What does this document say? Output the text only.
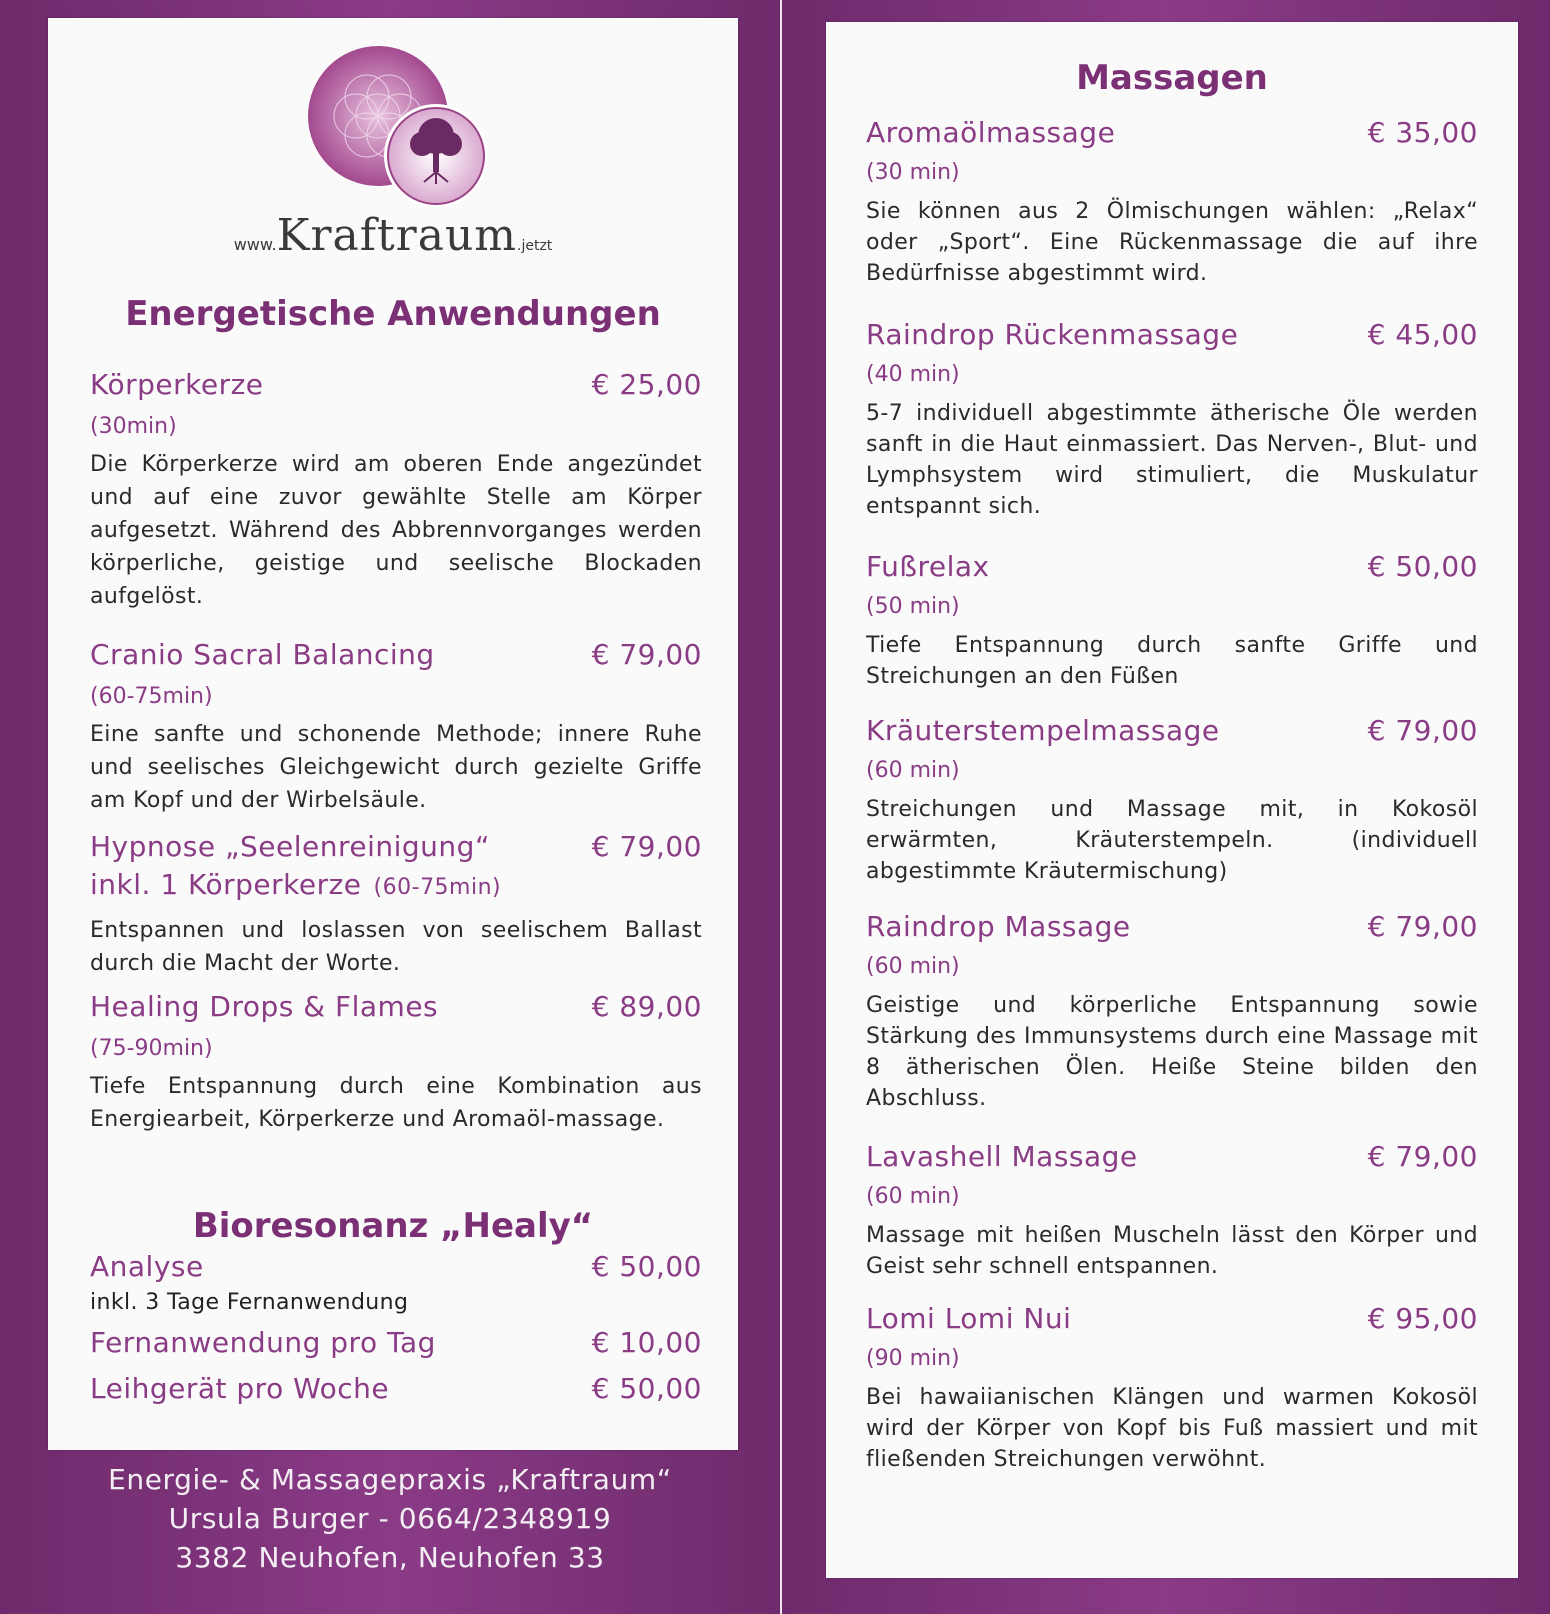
www.Kraftraum.jetzt
Energetische Anwendungen
Körperkerze	€ 25,00
(30min)
Die Körperkerze wird am oberen Ende angezündet und auf eine zuvor gewählte Stelle am Körper aufgesetzt. Während des Abbrennvorganges werden körperliche, geistige und seelische Blockaden aufgelöst.
Cranio Sacral Balancing	€ 79,00
(60-75min)
Eine sanfte und schonende Methode; innere Ruhe und seelisches Gleichgewicht durch gezielte Griffe am Kopf und der Wirbelsäule.
Hypnose „Seelenreinigung“	€ 79,00
inkl. 1 Körperkerze (60-75min)
Entspannen und loslassen von seelischem Ballast durch die Macht der Worte.
Healing Drops & Flames	€ 89,00
(75-90min)
Tiefe Entspannung durch eine Kombination aus Energiearbeit, Körperkerze und Aromaöl-massage.
Bioresonanz „Healy“
Analyse	€ 50,00
inkl. 3 Tage Fernanwendung
Fernanwendung pro Tag	€ 10,00
Leihgerät pro Woche	€ 50,00
Energie- & Massagepraxis „Kraftraum“
Ursula Burger - 0664/2348919
3382 Neuhofen, Neuhofen 33
Massagen
Aromaölmassage	€ 35,00
(30 min)
Sie können aus 2 Ölmischungen wählen: „Relax“ oder „Sport“. Eine Rückenmassage die auf ihre Bedürfnisse abgestimmt wird.
Raindrop Rückenmassage	€ 45,00
(40 min)
5-7 individuell abgestimmte ätherische Öle werden sanft in die Haut einmassiert. Das Nerven-, Blut- und Lymphsystem wird stimuliert, die Muskulatur entspannt sich.
Fußrelax	€ 50,00
(50 min)
Tiefe Entspannung durch sanfte Griffe und Streichungen an den Füßen
Kräuterstempelmassage	€ 79,00
(60 min)
Streichungen und Massage mit, in Kokosöl erwärmten, Kräuterstempeln. (individuell abgestimmte Kräutermischung)
Raindrop Massage	€ 79,00
(60 min)
Geistige und körperliche Entspannung sowie Stärkung des Immunsystems durch eine Massage mit 8 ätherischen Ölen. Heiße Steine bilden den Abschluss.
Lavashell Massage	€ 79,00
(60 min)
Massage mit heißen Muscheln lässt den Körper und Geist sehr schnell entspannen.
Lomi Lomi Nui	€ 95,00
(90 min)
Bei hawaiianischen Klängen und warmen Kokosöl wird der Körper von Kopf bis Fuß massiert und mit fließenden Streichungen verwöhnt.
